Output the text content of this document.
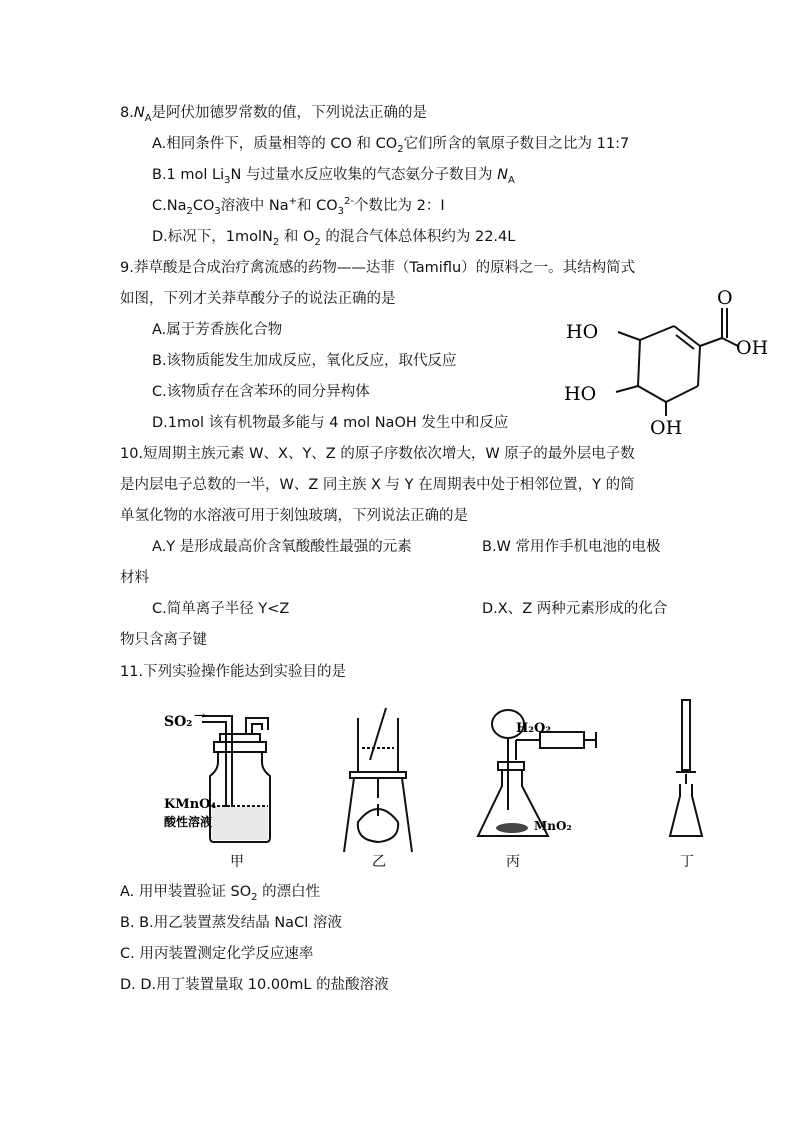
$8.N_A$是阿伏加德罗常数的值，下列说法正确的是
A.相同条件下，质量相等的 CO 和 $CO_2$它们所含的氧原子数目之比为 11:7
B.1 mol $Li_3N$ 与过量水反应收集的气态氨分子数目为 $N_A$
$C.Na_2CO_3$溶液中 Na+和 $CO_3^{2-}$个数比为 2：I
D.标况下，1molN$_2$ 和 $O_2$ 的混合气体总体积约为 22.4L
9.莽草酸是合成治疗禽流感的药物——达菲（Tamiflu）的原料之一。其结构简式
如图，下列才关莽草酸分子的说法正确的是
A.属于芳香族化合物
B.该物质能发生加成反应，氧化反应，取代反应
C.该物质存在含苯环的同分异构体
D.1mol 该有机物最多能与 4 mol NaOH 发生中和反应
O
OH
HO
HO
OH
10.短周期主族元素 W、X、Y、Z 的原子序数依次增大，W 原子的最外层电子数
是内层电子总数的一半，W、Z 同主族 X 与 Y 在周期表中处于相邻位置，Y 的简
单氢化物的水溶液可用于刻蚀玻璃，下列说法正确的是
A.Y 是形成最高价含氧酸酸性最强的元素	B.W 常用作手机电池的电极
材料
C.简单离子半径 Y<Z	D.X、Z 两种元素形成的化合
物只含离子键
11.下列实验操作能达到实验目的是
SO₂ →
KMnO₄
酸性溶液
H₂O₂
MnO₂
甲	乙	丙	丁
A. 用甲装置验证 $SO_2$ 的漂白性
B. B.用乙装置蒸发结晶 NaCl 溶液
C. 用丙装置测定化学反应速率
D. D.用丁装置量取 10.00mL 的盐酸溶液
